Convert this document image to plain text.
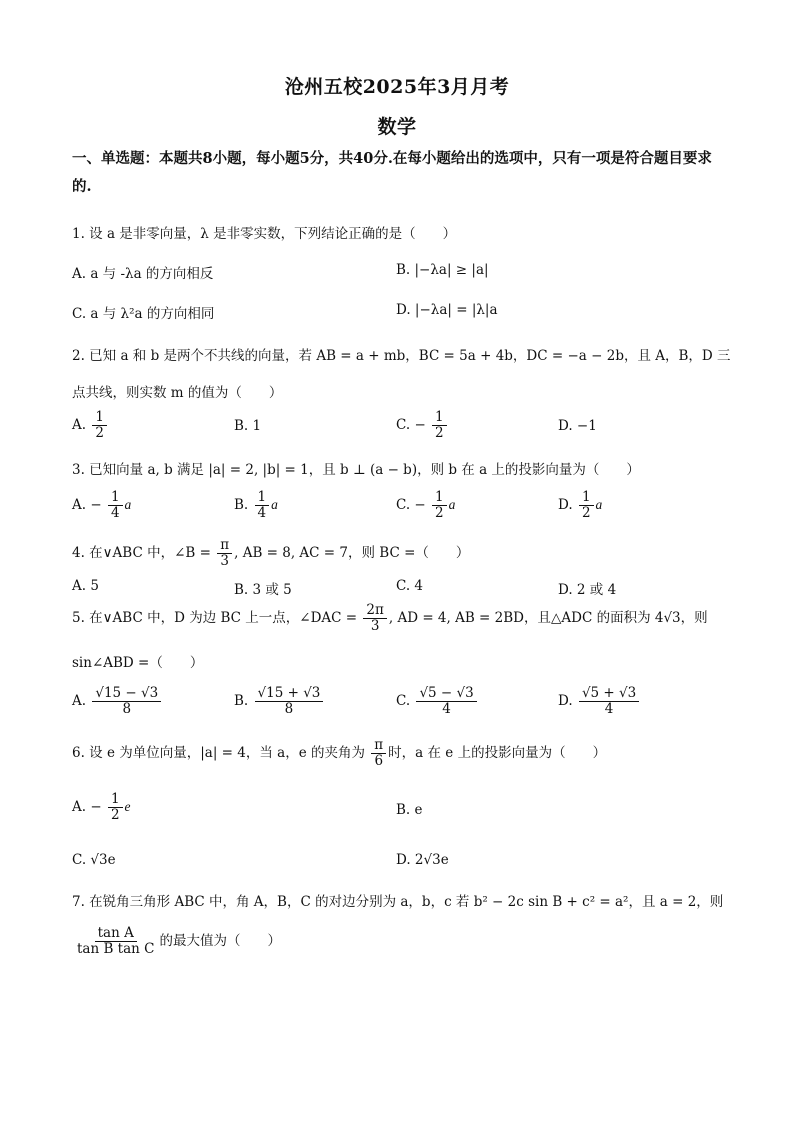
沧州五校2025年3月月考
数学
一、单选题：本题共8小题，每小题5分，共40分.在每小题给出的选项中，只有一项是符合题目要求的.
1. 设 a 是非零向量，λ 是非零实数，下列结论正确的是（　　）
A. a 与 -λa 的方向相反	B. |−λa| ≥ |a|
C. a 与 λ²a 的方向相同	D. |−λa| = |λ|a
2. 已知 a 和 b 是两个不共线的向量，若 AB = a + mb，BC = 5a + 4b，DC = −a − 2b，且 A，B，D 三
点共线，则实数 m 的值为（　　）
A. $\frac{1}{2}$	B. 1	C. − $\frac{1}{2}$	D. −1
3. 已知向量 a, b 满足 |a| = 2, |b| = 1，且 b ⊥ (a − b)，则 b 在 a 上的投影向量为（　　）
A. − $\frac{1}{4}$ a	B. $\frac{1}{4}$ a	C. − $\frac{1}{2}$ a	D. $\frac{1}{2}$ a
4. 在∨ABC 中，∠B = $\frac{\pi}{3}$ , AB = 8, AC = 7，则 BC =（　　）
A. 5	B. 3 或 5	C. 4	D. 2 或 4
5. 在∨ABC 中，D 为边 BC 上一点，∠DAC = $\frac{2\pi}{3}$ , AD = 4, AB = 2BD，且△ADC 的面积为 4√3，则
sin∠ABD =（　　）
A. $\frac{√15 - √3}{8}$	B. $\frac{√15 + √3}{8}$	C. $\frac{√5 - √3}{4}$	D. $\frac{√5 + √3}{4}$
6. 设 e 为单位向量，|a| = 4，当 a，e 的夹角为 $\frac{\pi}{6}$ 时，a 在 e 上的投影向量为（　　）
A. − $\frac{1}{2}$ e	B. e
C. √3e	D. 2√3e
7. 在锐角三角形 ABC 中，角 A，B，C 的对边分别为 a，b，c 若 b² − 2c sin B + c² = a²，且 a = 2，则
$\frac{\text{tan A}}{\text{tan B tan C}}$ 的最大值为（　　）
